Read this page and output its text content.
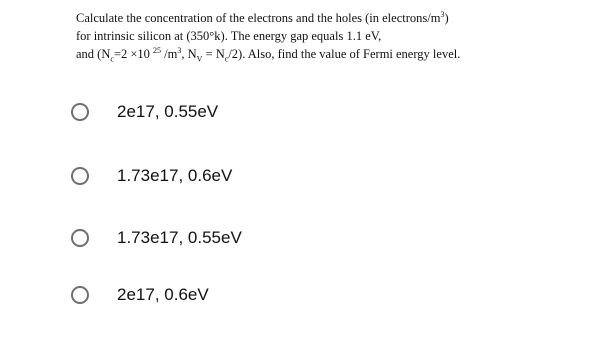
Calculate the concentration of the electrons and the holes (in electrons/$m^3$)
for intrinsic silicon at (350°k). The energy gap equals 1.1 eV,
and ($N_c=2 \times 10$ $^{25}$ $/m^3$, $N_V = N_c/2$). Also, find the value of Fermi energy level.
2e17, 0.55eV
1.73e17, 0.6eV
1.73e17, 0.55eV
2e17, 0.6eV
